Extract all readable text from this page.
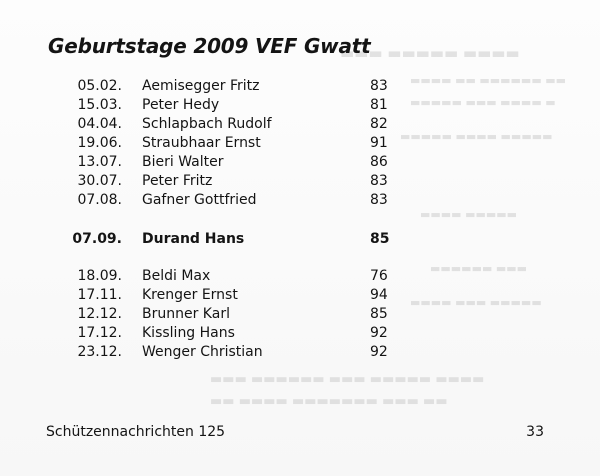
▬▬▬ ▬▬▬▬▬ ▬▬▬▬
▬▬▬▬ ▬▬ ▬▬▬▬▬▬ ▬▬
▬▬▬▬▬ ▬▬▬ ▬▬▬▬ ▬
▬▬▬▬▬ ▬▬▬▬ ▬▬▬▬▬
▬▬▬▬ ▬▬▬▬▬
▬▬▬▬▬▬ ▬▬▬
▬▬▬▬ ▬▬▬ ▬▬▬▬▬
▬▬▬ ▬▬▬▬▬▬ ▬▬▬ ▬▬▬▬▬ ▬▬▬▬
▬▬ ▬▬▬▬ ▬▬▬▬▬▬▬ ▬▬▬ ▬▬
Geburtstage 2009 VEF Gwatt
05.02. Aemisegger Fritz	83
15.03. Peter Hedy	81
04.04. Schlapbach Rudolf	82
19.06. Straubhaar Ernst	91
13.07. Bieri Walter	86
30.07. Peter Fritz	83
07.08. Gafner Gottfried	83
07.09. Durand Hans	85
18.09. Beldi Max	76
17.11. Krenger Ernst	94
12.12. Brunner Karl	85
17.12. Kissling Hans	92
23.12. Wenger Christian	92
Schützennachrichten 125	33
